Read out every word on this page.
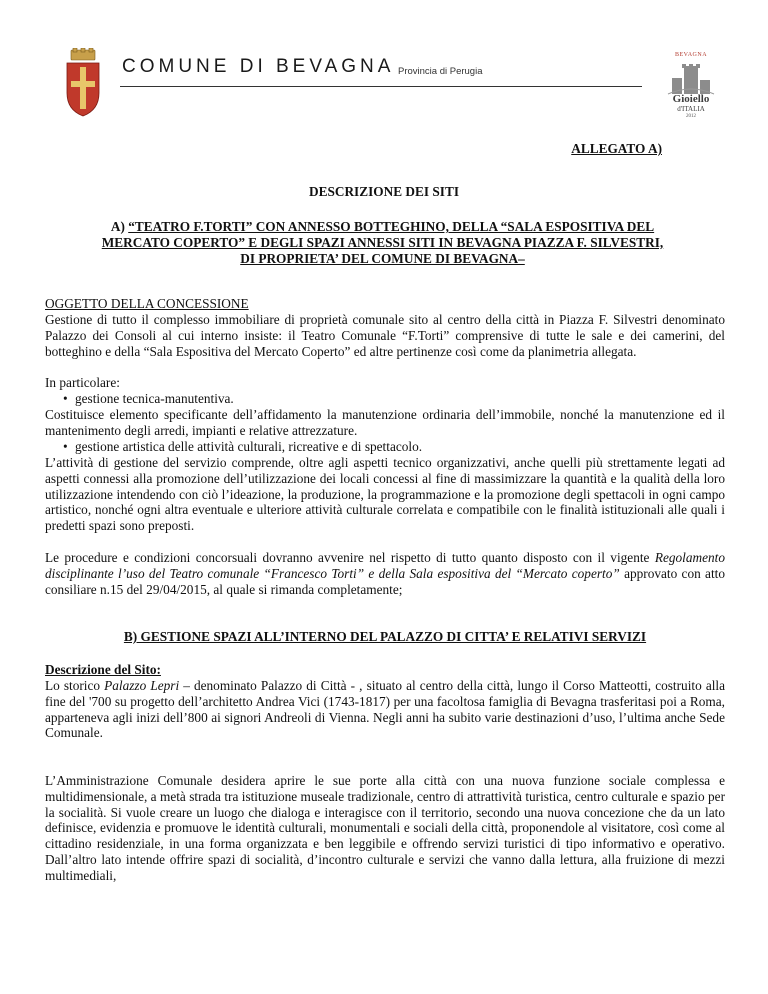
COMUNE DI BEVAGNA Provincia di Perugia
BEVAGNA
Gioiello
d'ITALIA
2012
ALLEGATO A)
DESCRIZIONE DEI SITI
A) “TEATRO F.TORTI” CON ANNESSO BOTTEGHINO, DELLA “SALA ESPOSITIVA DEL MERCATO COPERTO” E DEGLI SPAZI ANNESSI SITI IN BEVAGNA PIAZZA F. SILVESTRI, DI PROPRIETA’ DEL COMUNE DI BEVAGNA–
OGGETTO DELLA CONCESSIONE
Gestione di tutto il complesso immobiliare di proprietà comunale sito al centro della città in Piazza F. Silvestri denominato Palazzo dei Consoli al cui interno insiste: il Teatro Comunale “F.Torti” comprensive di tutte le sale e dei camerini, del botteghino e della “Sala Espositiva del Mercato Coperto” ed altre pertinenze così come da planimetria allegata.
In particolare:
• gestione tecnica-manutentiva.
Costituisce elemento specificante dell’affidamento la manutenzione ordinaria dell’immobile, nonché la manutenzione ed il mantenimento degli arredi, impianti e relative attrezzature.
• gestione artistica delle attività culturali, ricreative e di spettacolo.
L’attività di gestione del servizio comprende, oltre agli aspetti tecnico organizzativi, anche quelli più strettamente legati ad aspetti connessi alla promozione dell’utilizzazione dei locali concessi al fine di massimizzare la quantità e la qualità della loro utilizzazione intendendo con ciò l’ideazione, la produzione, la programmazione e la promozione degli spettacoli in ogni campo artistico, nonché ogni altra eventuale e ulteriore attività culturale correlata e compatibile con le finalità istituzionali alle quali i predetti spazi sono preposti.
Le procedure e condizioni concorsuali dovranno avvenire nel rispetto di tutto quanto disposto con il vigente Regolamento disciplinante l’uso del Teatro comunale “Francesco Torti” e della Sala espositiva del “Mercato coperto” approvato con atto consiliare n.15 del 29/04/2015, al quale si rimanda completamente;
B) GESTIONE SPAZI ALL’INTERNO DEL PALAZZO DI CITTA’ E RELATIVI SERVIZI
Descrizione del Sito:
Lo storico Palazzo Lepri – denominato Palazzo di Città - , situato al centro della città, lungo il Corso Matteotti, costruito alla fine del '700 su progetto dell’architetto Andrea Vici (1743-1817) per una facoltosa famiglia di Bevagna trasferitasi poi a Roma, apparteneva agli inizi dell’800 ai signori Andreoli di Vienna. Negli anni ha subito varie destinazioni d’uso, l’ultima anche Sede Comunale.
L’Amministrazione Comunale desidera aprire le sue porte alla città con una nuova funzione sociale complessa e multidimensionale, a metà strada tra istituzione museale tradizionale, centro di attrattività turistica, centro culturale e spazio per la socialità. Si vuole creare un luogo che dialoga e interagisce con il territorio, secondo una nuova concezione che da un lato definisce, evidenzia e promuove le identità culturali, monumentali e sociali della città, proponendole al visitatore, così come al cittadino residenziale, in una forma organizzata e ben leggibile e offrendo servizi turistici di tipo informativo e operativo. Dall’altro lato intende offrire spazi di socialità, d’incontro culturale e servizi che vanno dalla lettura, alla fruizione di mezzi multimediali,
